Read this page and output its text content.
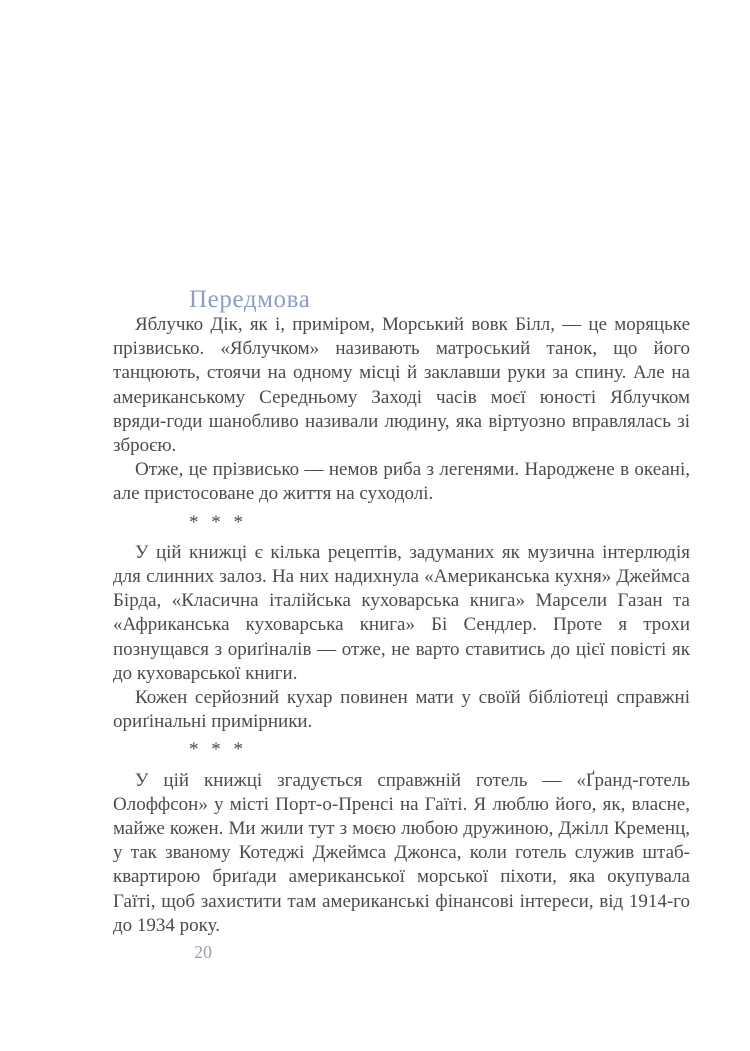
Передмова

Яблучко Дік, як і, приміром, Морський вовк Білл, — це моряцьке прізвисько. «Яблучком» називають матроський танок, що його танцюють, стоячи на одному місці й заклавши руки за спину. Але на американському Середньому Заході часів моєї юності Яблучком вряди-годи шанобливо називали людину, яка віртуозно вправлялась зі зброєю.

Отже, це прізвисько — немов риба з легенями. Народжене в океані, але пристосоване до життя на суходолі.

* * *

У цій книжці є кілька рецептів, задуманих як музична інтерлюдія для слинних залоз. На них надихнула «Американська кухня» Джеймса Бірда, «Класична італійська куховарська книга» Марсели Газан та «Африканська куховарська книга» Бі Сендлер. Проте я трохи познущався з ориґіналів — отже, не варто ставитись до цієї повісті як до куховарської книги.

Кожен серйозний кухар повинен мати у своїй бібліотеці справжні ориґінальні примірники.

* * *

У цій книжці згадується справжній готель — «Ґранд-готель Олоффсон» у місті Порт-о-Пренсі на Гаїті. Я люблю його, як, власне, майже кожен. Ми жили тут з моєю любою дружиною, Джілл Кременц, у так званому Котеджі Джеймса Джонса, коли готель служив штаб-квартирою бриґади американської морської піхоти, яка окупувала Гаїті, щоб захистити там американські фінансові інтереси, від 1914-го до 1934 року.

20
